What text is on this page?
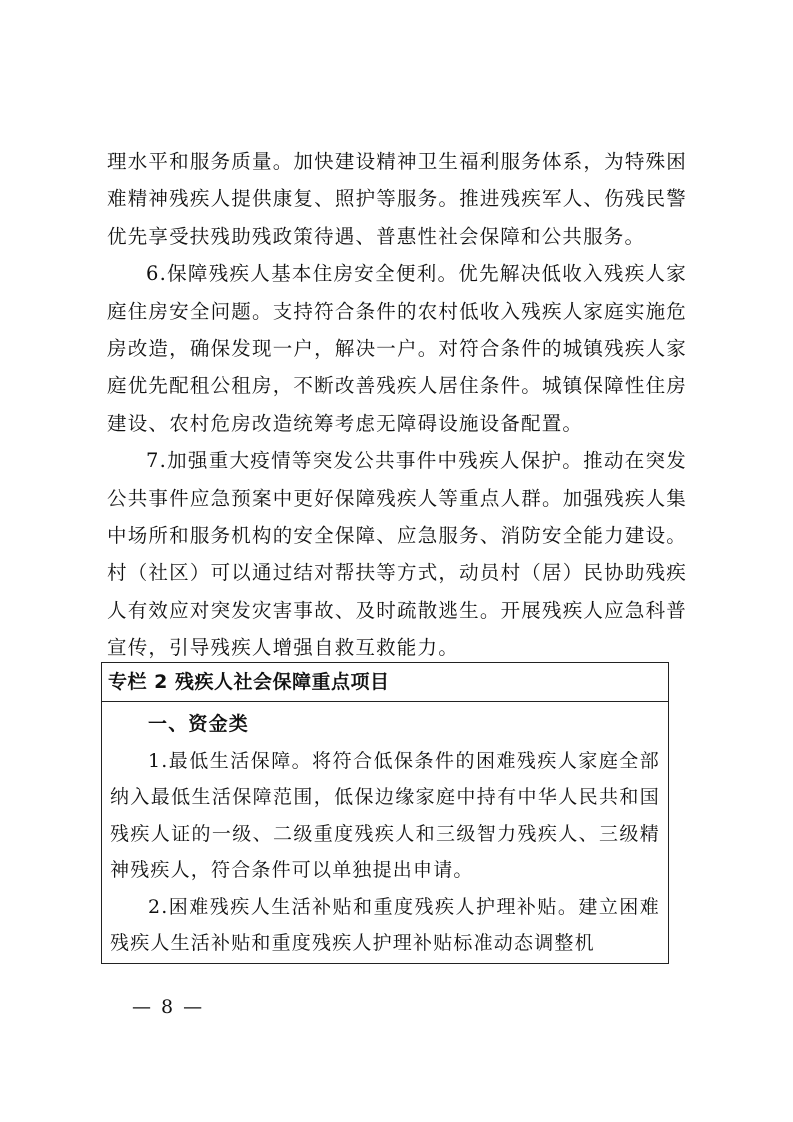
理水平和服务质量。加快建设精神卫生福利服务体系，为特殊困难精神残疾人提供康复、照护等服务。推进残疾军人、伤残民警优先享受扶残助残政策待遇、普惠性社会保障和公共服务。

6.保障残疾人基本住房安全便利。优先解决低收入残疾人家庭住房安全问题。支持符合条件的农村低收入残疾人家庭实施危房改造，确保发现一户，解决一户。对符合条件的城镇残疾人家庭优先配租公租房，不断改善残疾人居住条件。城镇保障性住房建设、农村危房改造统筹考虑无障碍设施设备配置。

7.加强重大疫情等突发公共事件中残疾人保护。推动在突发公共事件应急预案中更好保障残疾人等重点人群。加强残疾人集中场所和服务机构的安全保障、应急服务、消防安全能力建设。村（社区）可以通过结对帮扶等方式，动员村（居）民协助残疾人有效应对突发灾害事故、及时疏散逃生。开展残疾人应急科普宣传，引导残疾人增强自救互救能力。

专栏 2 残疾人社会保障重点项目

一、资金类

1.最低生活保障。将符合低保条件的困难残疾人家庭全部纳入最低生活保障范围，低保边缘家庭中持有中华人民共和国残疾人证的一级、二级重度残疾人和三级智力残疾人、三级精神残疾人，符合条件可以单独提出申请。

2.困难残疾人生活补贴和重度残疾人护理补贴。建立困难残疾人生活补贴和重度残疾人护理补贴标准动态调整机

— 8 —
